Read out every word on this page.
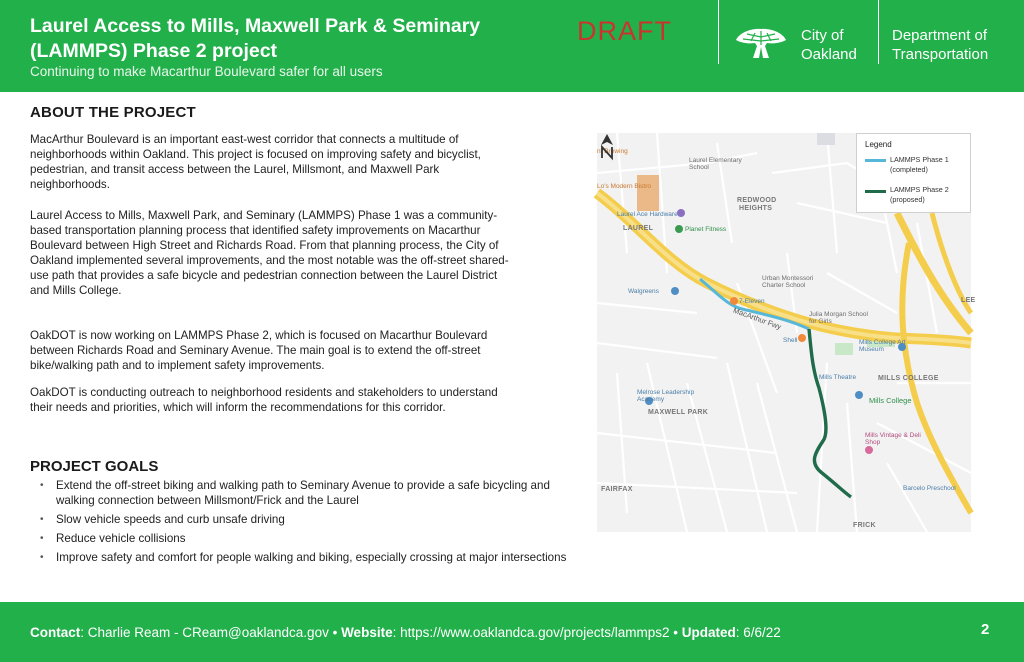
Laurel Access to Mills, Maxwell Park & Seminary (LAMMPS) Phase 2 project
Continuing to make Macarthur Boulevard safer for all users
DRAFT	City of
Oakland
Department of
Transportation
ABOUT THE PROJECT

MacArthur Boulevard is an important east-west corridor that connects a multitude of neighborhoods within Oakland. This project is focused on improving safety and bicyclist, pedestrian, and transit access between the Laurel, Millsmont, and Maxwell Park neighborhoods.

Laurel Access to Mills, Maxwell Park, and Seminary (LAMMPS) Phase 1 was a community-based transportation planning process that identified safety improvements on Macarthur Boulevard between High Street and Richards Road. From that planning process, the City of Oakland implemented several improvements, and the most notable was the off-street shared-use path that provides a safe bicycle and pedestrian connection between the Laurel District and Mills College.

OakDOT is now working on LAMMPS Phase 2, which is focused on Macarthur Boulevard between Richards Road and Seminary Avenue. The main goal is to extend the off-street bike/walking path and to implement safety improvements.

OakDOT is conducting outreach to neighborhood residents and stakeholders to understand their needs and priorities, which will inform the recommendations for this corridor.

PROJECT GOALS
• Extend the off-street biking and walking path to Seminary Avenue to provide a safe bicycling and walking connection between Millsmont/Frick and the Laurel
• Slow vehicle speeds and curb unsafe driving
• Reduce vehicle collisions
• Improve safety and comfort for people walking and biking, especially crossing at major intersections
LAUREL
REDWOOD
HEIGHTS
MILLS COLLEGE
MAXWELL PARK
FAIRFAX
FRICK
LEE
Mills College
Walgreens
7-Eleven
Shell
MacArthur Fwy
Urban Montessori Charter School
Laurel Elementary School
Julia Morgan School for Girls
Planet Fitness
Laurel Ace Hardware
Melrose Leadership Academy
Mills College Art Museum
Mills Theatre
Mills Vintage & Deli Shop
Barcelo Preschool
nt Brewing
Lo's Modern Bistro
Legend
LAMMPS Phase 1 (completed)
LAMMPS Phase 2 (proposed)
Contact: Charlie Ream - CReam@oaklandca.gov • Website: https://www.oaklandca.gov/projects/lammps2 • Updated: 6/6/22	2
